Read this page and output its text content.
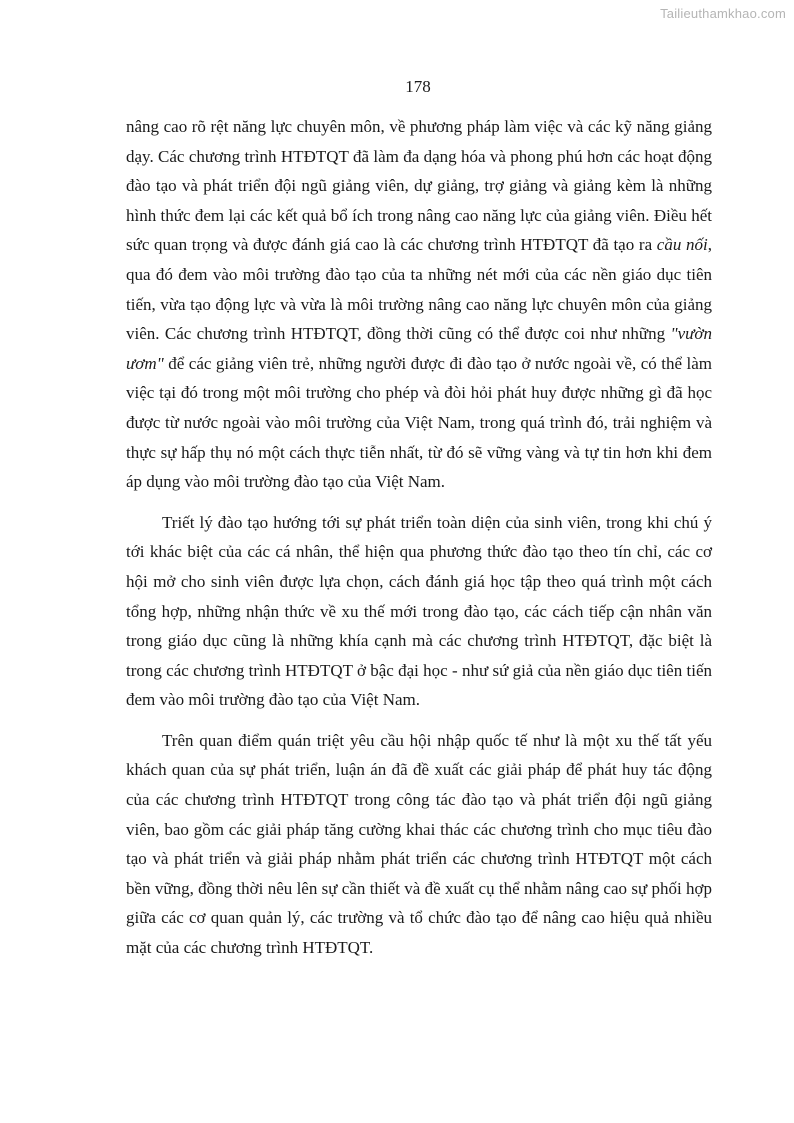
Tailieuthamkhao.com
178

nâng cao rõ rệt năng lực chuyên môn, về phương pháp làm việc và các kỹ năng giảng dạy. Các chương trình HTĐTQT đã làm đa dạng hóa và phong phú hơn các hoạt động đào tạo và phát triển đội ngũ giảng viên, dự giảng, trợ giảng và giảng kèm là những hình thức đem lại các kết quả bổ ích trong nâng cao năng lực của giảng viên. Điều hết sức quan trọng và được đánh giá cao là các chương trình HTĐTQT đã tạo ra cầu nối, qua đó đem vào môi trường đào tạo của ta những nét mới của các nền giáo dục tiên tiến, vừa tạo động lực và vừa là môi trường nâng cao năng lực chuyên môn của giảng viên. Các chương trình HTĐTQT, đồng thời cũng có thể được coi như những "vườn ươm" để các giảng viên trẻ, những người được đi đào tạo ở nước ngoài về, có thể làm việc tại đó trong một môi trường cho phép và đòi hỏi phát huy được những gì đã học được từ nước ngoài vào môi trường của Việt Nam, trong quá trình đó, trải nghiệm và thực sự hấp thụ nó một cách thực tiễn nhất, từ đó sẽ vững vàng và tự tin hơn khi đem áp dụng vào môi trường đào tạo của Việt Nam.

Triết lý đào tạo hướng tới sự phát triển toàn diện của sinh viên, trong khi chú ý tới khác biệt của các cá nhân, thể hiện qua phương thức đào tạo theo tín chỉ, các cơ hội mở cho sinh viên được lựa chọn, cách đánh giá học tập theo quá trình một cách tổng hợp, những nhận thức về xu thế mới trong đào tạo, các cách tiếp cận nhân văn trong giáo dục cũng là những khía cạnh mà các chương trình HTĐTQT, đặc biệt là trong các chương trình HTĐTQT ở bậc đại học - như sứ giả của nền giáo dục tiên tiến đem vào môi trường đào tạo của Việt Nam.

Trên quan điểm quán triệt yêu cầu hội nhập quốc tế như là một xu thế tất yếu khách quan của sự phát triển, luận án đã đề xuất các giải pháp để phát huy tác động của các chương trình HTĐTQT trong công tác đào tạo và phát triển đội ngũ giảng viên, bao gồm các giải pháp tăng cường khai thác các chương trình cho mục tiêu đào tạo và phát triển và giải pháp nhằm phát triển các chương trình HTĐTQT một cách bền vững, đồng thời nêu lên sự cần thiết và đề xuất cụ thể nhằm nâng cao sự phối hợp giữa các cơ quan quản lý, các trường và tổ chức đào tạo để nâng cao hiệu quả nhiều mặt của các chương trình HTĐTQT.
